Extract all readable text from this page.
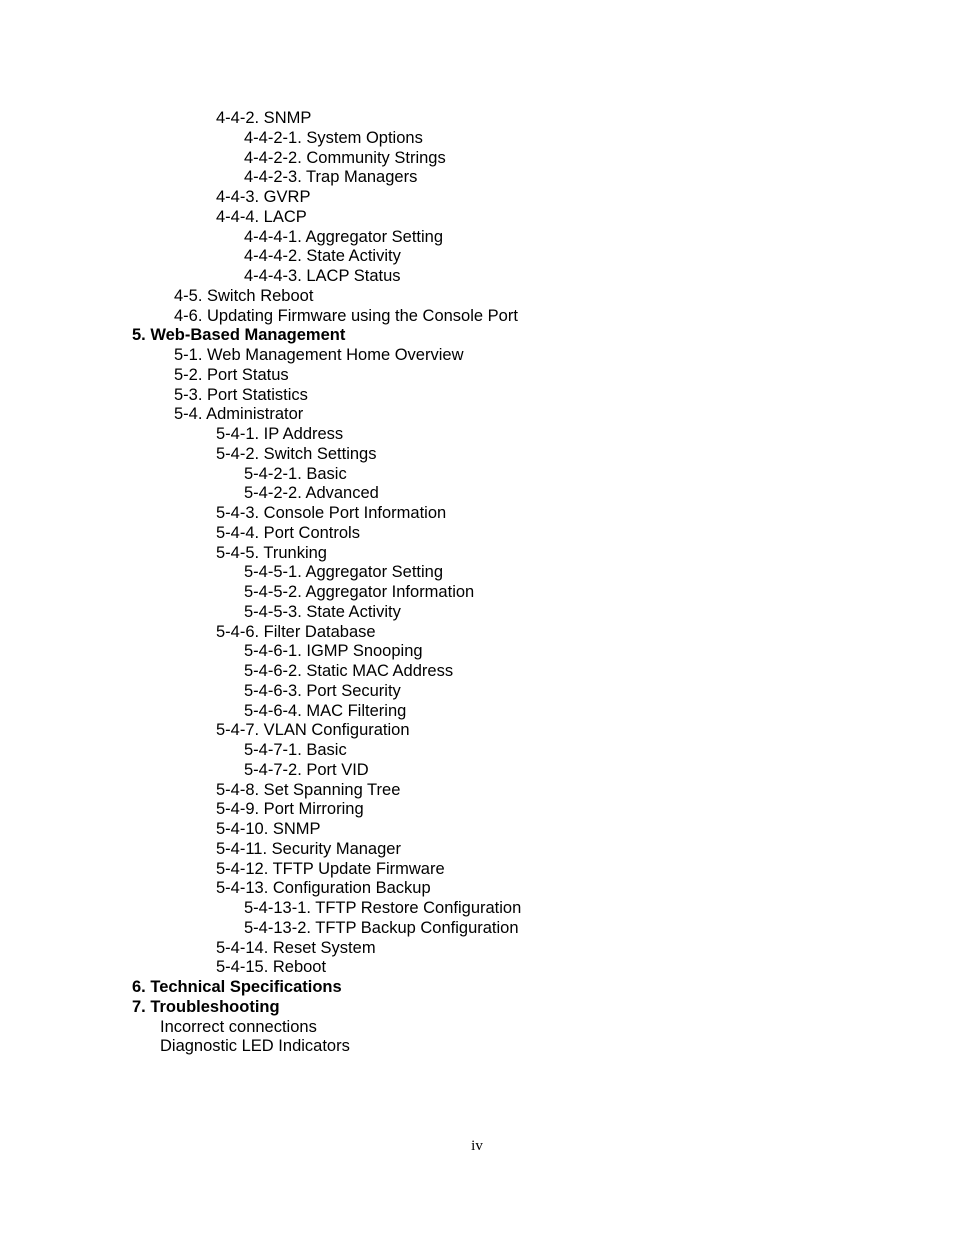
4-4-2. SNMP
4-4-2-1. System Options
4-4-2-2. Community Strings
4-4-2-3. Trap Managers
4-4-3. GVRP
4-4-4. LACP
4-4-4-1. Aggregator Setting
4-4-4-2. State Activity
4-4-4-3. LACP Status
4-5. Switch Reboot
4-6. Updating Firmware using the Console Port
5. Web-Based Management
5-1. Web Management Home Overview
5-2. Port Status
5-3. Port Statistics
5-4. Administrator
5-4-1. IP Address
5-4-2. Switch Settings
5-4-2-1. Basic
5-4-2-2. Advanced
5-4-3. Console Port Information
5-4-4. Port Controls
5-4-5. Trunking
5-4-5-1. Aggregator Setting
5-4-5-2. Aggregator Information
5-4-5-3. State Activity
5-4-6. Filter Database
5-4-6-1. IGMP Snooping
5-4-6-2. Static MAC Address
5-4-6-3. Port Security
5-4-6-4. MAC Filtering
5-4-7. VLAN Configuration
5-4-7-1. Basic
5-4-7-2. Port VID
5-4-8. Set Spanning Tree
5-4-9. Port Mirroring
5-4-10. SNMP
5-4-11. Security Manager
5-4-12. TFTP Update Firmware
5-4-13. Configuration Backup
5-4-13-1. TFTP Restore Configuration
5-4-13-2. TFTP Backup Configuration
5-4-14. Reset System
5-4-15. Reboot
6. Technical Specifications
7. Troubleshooting
Incorrect connections
Diagnostic LED Indicators
iv
